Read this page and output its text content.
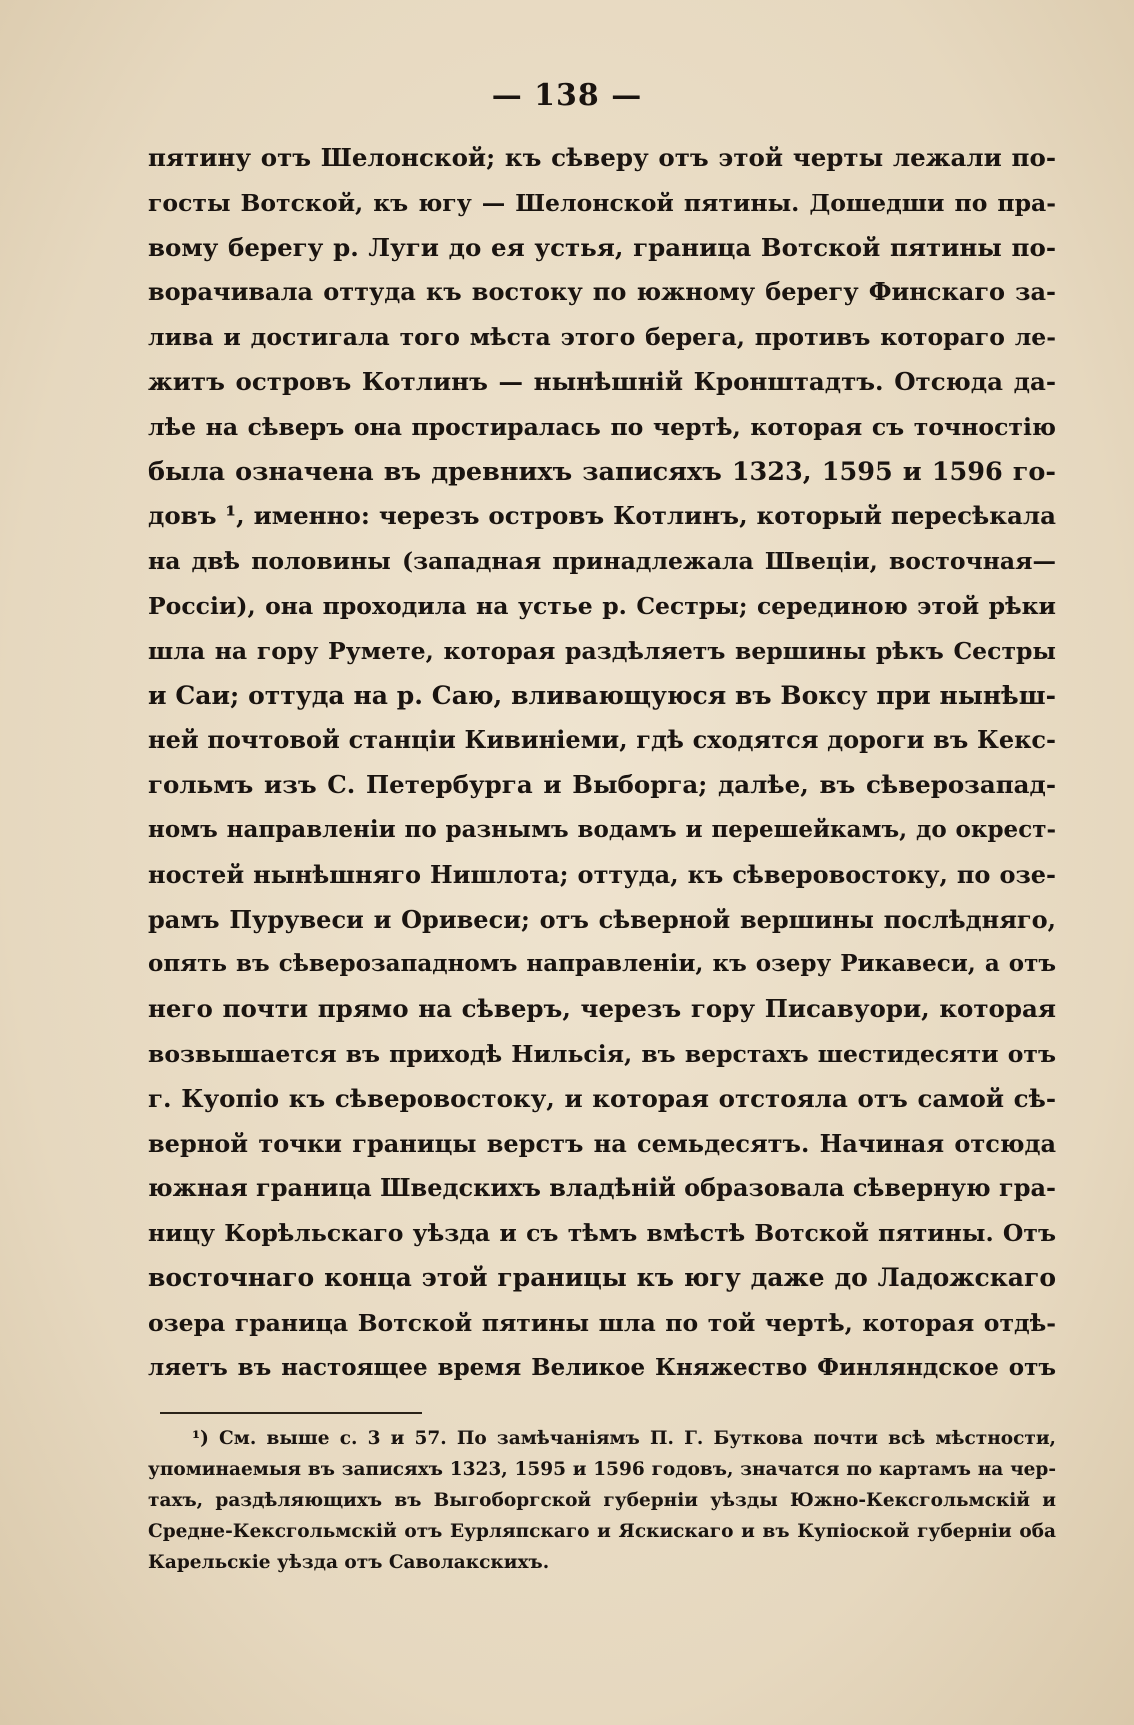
— 138 —
пятину отъ Шелонской; къ сѣверу отъ этой черты лежали по-
госты Вотской, къ югу — Шелонской пятины. Дошедши по пра-
вому берегу р. Луги до ея устья, граница Вотской пятины по-
ворачивала оттуда къ востоку по южному берегу Финскаго за-
лива и достигала того мѣста этого берега, противъ котораго ле-
житъ островъ Котлинъ — нынѣшній Кронштадтъ. Отсюда да-
лѣе на сѣверъ она простиралась по чертѣ, которая съ точностію
была означена въ древнихъ записяхъ 1323, 1595 и 1596 го-
довъ ¹, именно: черезъ островъ Котлинъ, который пересѣкала
на двѣ половины (западная принадлежала Швеціи, восточная—
Россіи), она проходила на устье р. Сестры; серединою этой рѣки
шла на гору Руметe, которая раздѣляетъ вершины рѣкъ Сестры
и Саи; оттуда на р. Саю, вливающуюся въ Воксу при нынѣш-
ней почтовой станціи Кивиніеми, гдѣ сходятся дороги въ Кекс-
гольмъ изъ С. Петербурга и Выборга; далѣе, въ сѣверозапад-
номъ направленіи по разнымъ водамъ и перешейкамъ, до окрест-
ностей нынѣшняго Нишлота; оттуда, къ сѣверовостоку, по озе-
рамъ Пурувеси и Оривеси; отъ сѣверной вершины послѣдняго,
опять въ сѣверозападномъ направленіи, къ озеру Рикавеси, а отъ
него почти прямо на сѣверъ, черезъ гору Писавуори, которая
возвышается въ приходѣ Нильсія, въ верстахъ шестидесяти отъ
г. Куопіо къ сѣверовостоку, и которая отстояла отъ самой сѣ-
верной точки границы верстъ на семьдесятъ. Начиная отсюда
южная граница Шведскихъ владѣній образовала сѣверную гра-
ницу Корѣльскаго уѣзда и съ тѣмъ вмѣстѣ Вотской пятины. Отъ
восточнаго конца этой границы къ югу даже до Ладожскаго
озера граница Вотской пятины шла по той чертѣ, которая отдѣ-
ляетъ въ настоящее время Великое Княжество Финляндское отъ
¹) См. выше с. 3 и 57. По замѣчаніямъ П. Г. Буткова почти всѣ мѣстности,
упоминаемыя въ записяхъ 1323, 1595 и 1596 годовъ, значатся по картамъ на чер-
тахъ, раздѣляющихъ въ Выгоборгской губерніи уѣзды Южно-Кексгольмскій и
Средне-Кексгольмскій отъ Еурляпскаго и Яскискаго и въ Купіоской губерніи оба
Карельскіе уѣзда отъ Саволакскихъ.
